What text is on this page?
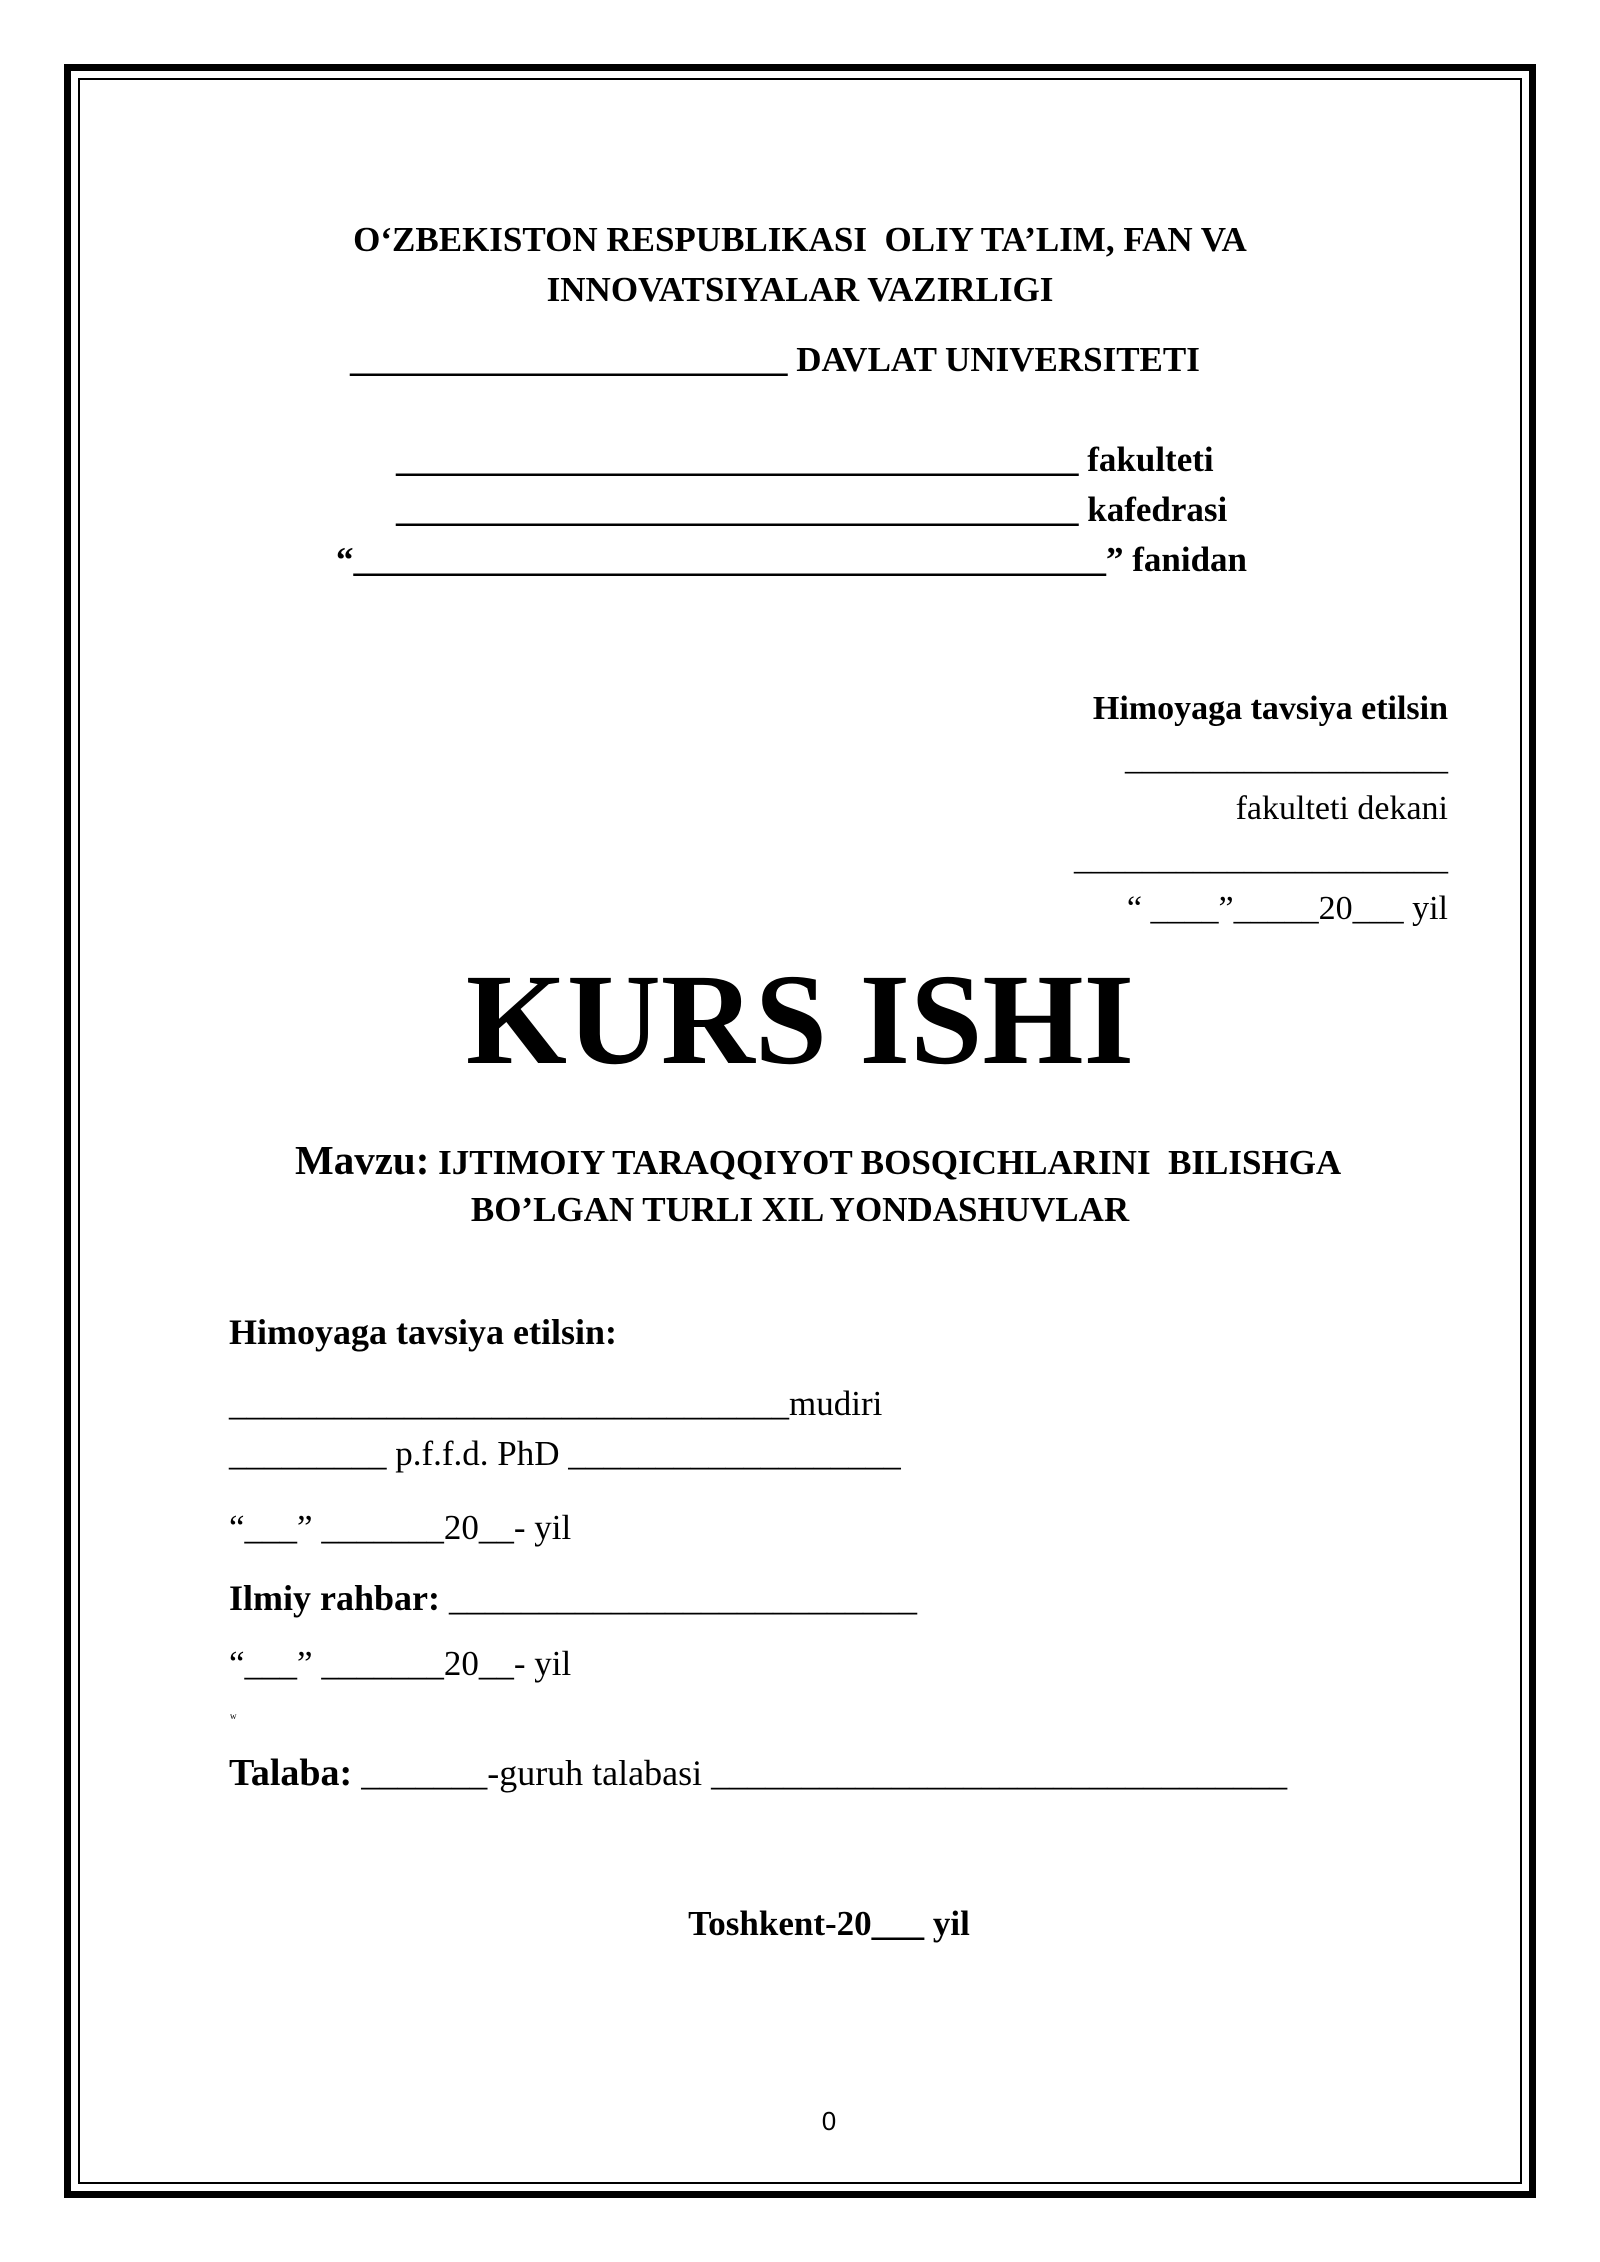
O‘ZBEKISTON RESPUBLIKASI  OLIY TA’LIM, FAN VA
INNOVATSIYALAR VAZIRLIGI
_________________________ DAVLAT UNIVERSITETI
_______________________________________ fakulteti
_______________________________________ kafedrasi
“___________________________________________” fanidan
Himoyaga tavsiya etilsin
___________________
fakulteti dekani
______________________
“ ____”_____20___ yil
KURS ISHI

Mavzu: IJTIMOIY TARAQQIYOT BOSQICHLARINI  BILISHGA

BO’LGAN TURLI XIL YONDASHUVLAR
Himoyaga tavsiya etilsin:
________________________________mudiri
_________ p.f.f.d. PhD ___________________
“___” _______20__- yil

Ilmiy rahbar: __________________________

“___” _______20__- yil
w

Talaba: _______-guruh talabasi ________________________________

Toshkent-20___ yil
0
